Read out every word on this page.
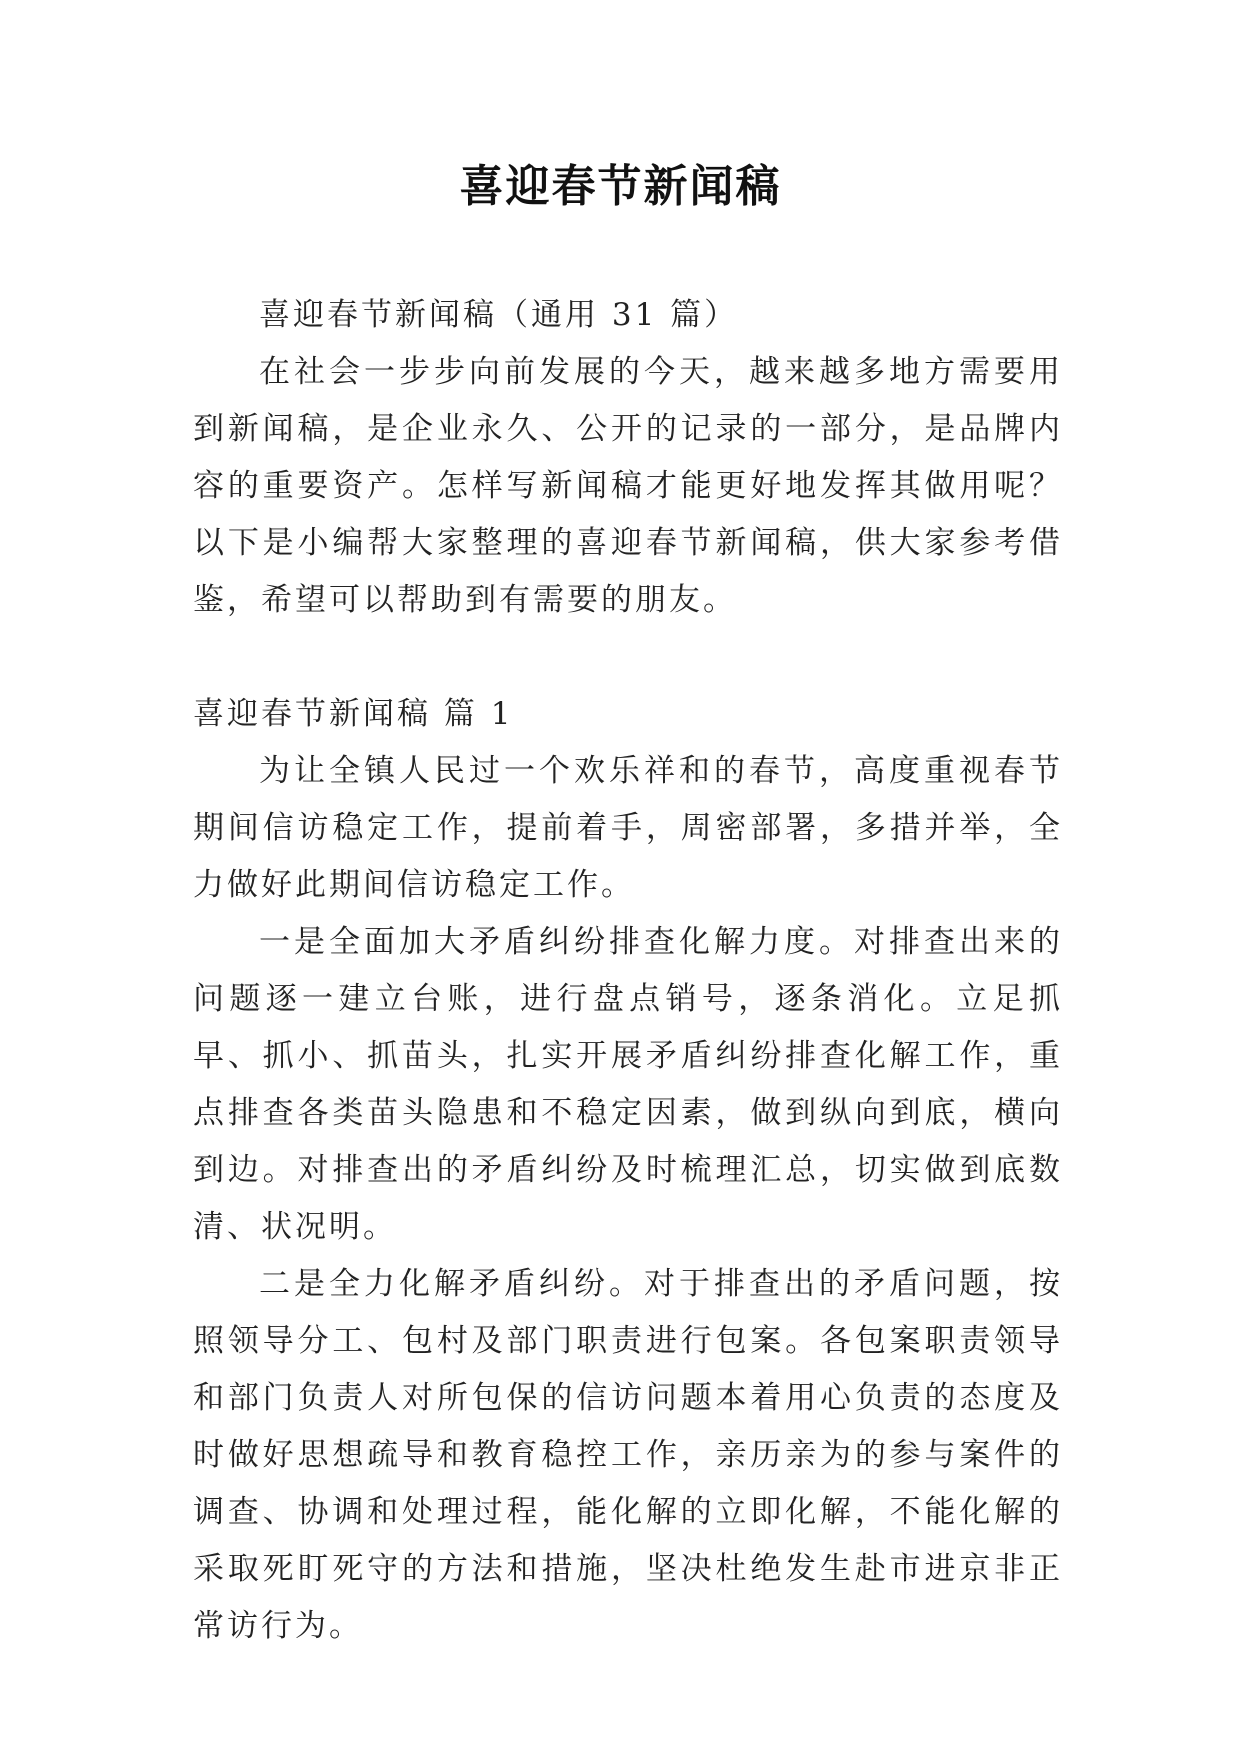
喜迎春节新闻稿

喜迎春节新闻稿（通用 31 篇）

在社会一步步向前发展的今天，越来越多地方需要用到新闻稿，是企业永久、公开的记录的一部分，是品牌内容的重要资产。怎样写新闻稿才能更好地发挥其做用呢？以下是小编帮大家整理的喜迎春节新闻稿，供大家参考借鉴，希望可以帮助到有需要的朋友。

喜迎春节新闻稿 篇 1

为让全镇人民过一个欢乐祥和的春节，高度重视春节期间信访稳定工作，提前着手，周密部署，多措并举，全力做好此期间信访稳定工作。

一是全面加大矛盾纠纷排查化解力度。对排查出来的问题逐一建立台账，进行盘点销号，逐条消化。立足抓早、抓小、抓苗头，扎实开展矛盾纠纷排查化解工作，重点排查各类苗头隐患和不稳定因素，做到纵向到底，横向到边。对排查出的矛盾纠纷及时梳理汇总，切实做到底数清、状况明。

二是全力化解矛盾纠纷。对于排查出的矛盾问题，按照领导分工、包村及部门职责进行包案。各包案职责领导和部门负责人对所包保的信访问题本着用心负责的态度及时做好思想疏导和教育稳控工作，亲历亲为的参与案件的调查、协调和处理过程，能化解的立即化解，不能化解的采取死盯死守的方法和措施，坚决杜绝发生赴市进京非正常访行为。
